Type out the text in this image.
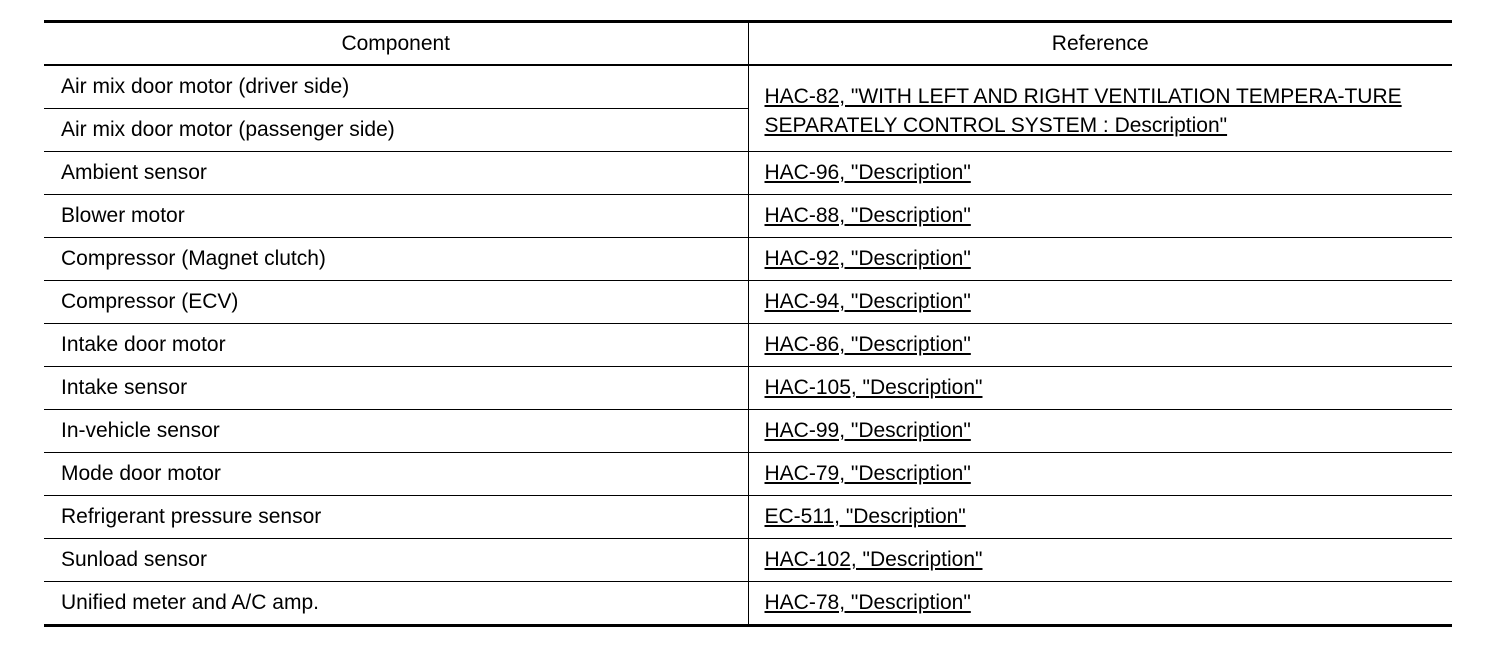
Component	Reference
Air mix door motor (driver side)	HAC-82, "WITH LEFT AND RIGHT VENTILATION TEMPERA-TURE SEPARATELY CONTROL SYSTEM : Description"
Air mix door motor (passenger side)	
Ambient sensor	HAC-96, "Description"
Blower motor	HAC-88, "Description"
Compressor (Magnet clutch)	HAC-92, "Description"
Compressor (ECV)	HAC-94, "Description"
Intake door motor	HAC-86, "Description"
Intake sensor	HAC-105, "Description"
In-vehicle sensor	HAC-99, "Description"
Mode door motor	HAC-79, "Description"
Refrigerant pressure sensor	EC-511, "Description"
Sunload sensor	HAC-102, "Description"
Unified meter and A/C amp.	HAC-78, "Description"
